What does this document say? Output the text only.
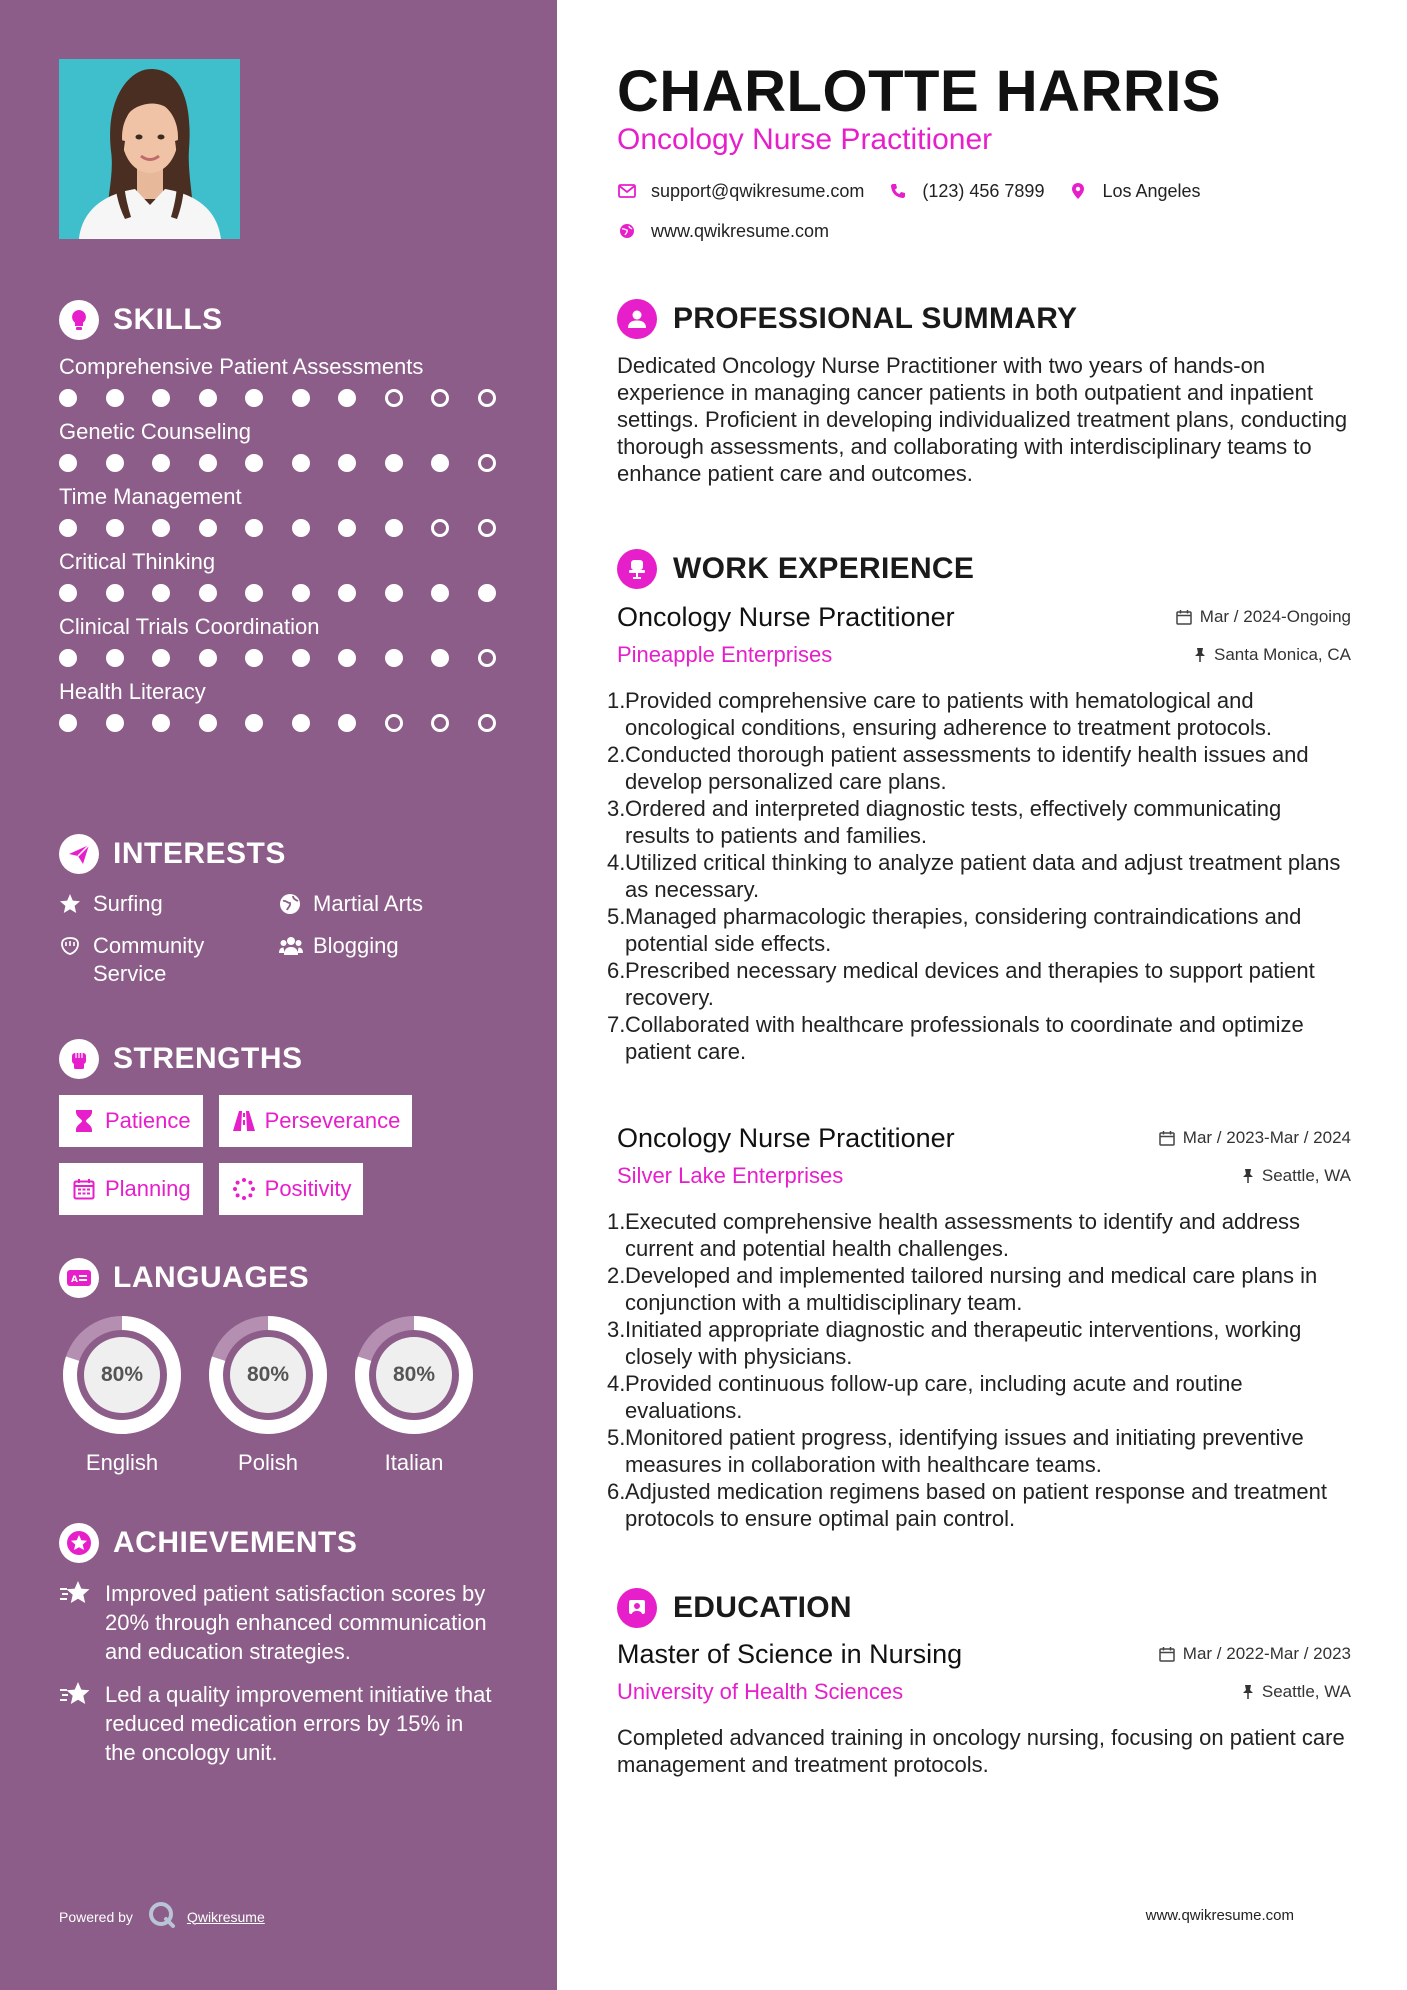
SKILLS
Comprehensive Patient Assessments
Genetic Counseling
Time Management
Critical Thinking
Clinical Trials Coordination
Health Literacy
INTERESTS
Surfing	Martial Arts
Community Service
Blogging
STRENGTHS
Patience	Perseverance
Planning	Positivity
A LANGUAGES
80%
English
80%
Polish
80%
Italian
ACHIEVEMENTS
Improved patient satisfaction scores by 20% through enhanced communication and education strategies.
Led a quality improvement initiative that reduced medication errors by 15% in the oncology unit.
Powered by	Qwikresume
CHARLOTTE HARRIS
Oncology Nurse Practitioner
support@qwikresume.com	(123) 456 7899	Los Angeles
www.qwikresume.com
PROFESSIONAL SUMMARY
Dedicated Oncology Nurse Practitioner with two years of hands-on experience in managing cancer patients in both outpatient and inpatient settings. Proficient in developing individualized treatment plans, conducting thorough assessments, and collaborating with interdisciplinary teams to enhance patient care and outcomes.
WORK EXPERIENCE
Oncology Nurse Practitioner	Mar / 2024-Ongoing
Pineapple Enterprises	Santa Monica, CA
1. Provided comprehensive care to patients with hematological and oncological conditions, ensuring adherence to treatment protocols.
2. Conducted thorough patient assessments to identify health issues and develop personalized care plans.
3. Ordered and interpreted diagnostic tests, effectively communicating results to patients and families.
4. Utilized critical thinking to analyze patient data and adjust treatment plans as necessary.
5. Managed pharmacologic therapies, considering contraindications and potential side effects.
6. Prescribed necessary medical devices and therapies to support patient recovery.
7. Collaborated with healthcare professionals to coordinate and optimize patient care.
Oncology Nurse Practitioner	Mar / 2023-Mar / 2024
Silver Lake Enterprises	Seattle, WA
1. Executed comprehensive health assessments to identify and address current and potential health challenges.
2. Developed and implemented tailored nursing and medical care plans in conjunction with a multidisciplinary team.
3. Initiated appropriate diagnostic and therapeutic interventions, working closely with physicians.
4. Provided continuous follow-up care, including acute and routine evaluations.
5. Monitored patient progress, identifying issues and initiating preventive measures in collaboration with healthcare teams.
6. Adjusted medication regimens based on patient response and treatment protocols to ensure optimal pain control.
EDUCATION
Master of Science in Nursing	Mar / 2022-Mar / 2023
University of Health Sciences	Seattle, WA
Completed advanced training in oncology nursing, focusing on patient care management and treatment protocols.
www.qwikresume.com
